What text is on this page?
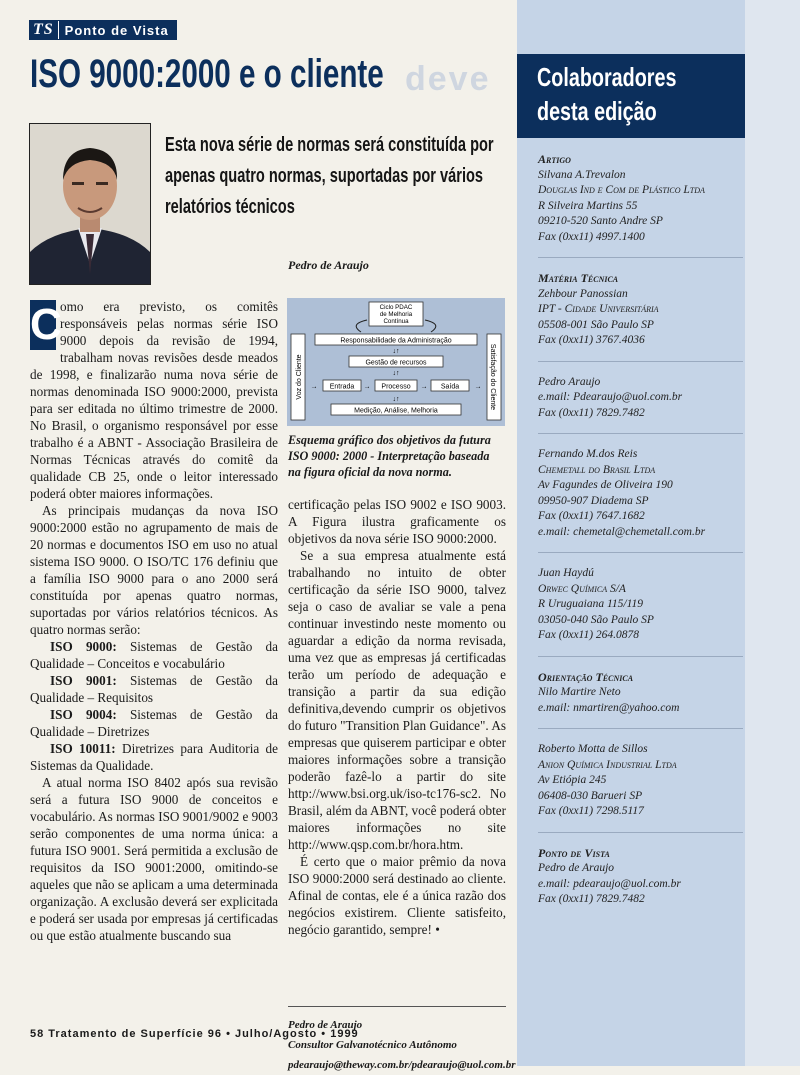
TS Ponto de Vista
deve
ISO 9000:2000 e o cliente
Esta nova série de normas será constituída por apenas quatro normas, suportadas por vários relatórios técnicos
Pedro de Araujo

C
omo era previsto, os comitês responsáveis pelas normas série ISO 9000 depois da revisão de 1994, trabalham novas revisões desde meados de 1998, e finalizarão numa nova série de normas denominada ISO 9000:2000, prevista para ser editada no último trimestre de 2000. No Brasil, o organismo responsável por esse trabalho é a ABNT - Associação Brasileira de Normas Técnicas através do comitê da qualidade CB 25, onde o leitor interessado poderá obter maiores informações.

As principais mudanças da nova ISO 9000:2000 estão no agrupamento de mais de 20 normas e documentos ISO em uso no atual sistema ISO 9000. O ISO/TC 176 definiu que a família ISO 9000 para o ano 2000 será constituída por apenas quatro normas, suportadas por vários relatórios técnicos. As quatro normas serão:

ISO 9000: Sistemas de Gestão da Qualidade – Conceitos e vocabulário

ISO 9001: Sistemas de Gestão da Qualidade – Requisitos

ISO 9004: Sistemas de Gestão da Qualidade – Diretrizes

ISO 10011: Diretrizes para Auditoria de Sistemas da Qualidade.

A atual norma ISO 8402 após sua revisão será a futura ISO 9000 de conceitos e vocabulário. As normas ISO 9001/9002 e 9003 serão componentes de uma norma única: a futura ISO 9001. Será permitida a exclusão de requisitos da ISO 9001:2000, omitindo-se aqueles que não se aplicam a uma determinada organização. A exclusão deverá ser explicitada e poderá ser usada por empresas já certificadas ou que estão atualmente buscando sua

Ciclo PDAC
de Melhoria
Contínua
Responsabilidade da Administração
↓↑
Gestão de recursos
↓↑
Entrada	Processo	Saída
→	→
→	→
↓↑
Medição, Análise, Melhoria
Voz do Cliente	Satisfação do Cliente
Esquema gráfico dos objetivos da futura ISO 9000: 2000 - Interpretação baseada na figura oficial da nova norma.

certificação pelas ISO 9002 e ISO 9003. A Figura ilustra graficamente os objetivos da nova série ISO 9000:2000.

Se a sua empresa atualmente está trabalhando no intuito de obter certificação da série ISO 9000, talvez seja o caso de avaliar se vale a pena continuar investindo neste momento ou aguardar a edição da norma revisada, uma vez que as empresas já certificadas terão um período de adequação e transição a partir da sua edição definitiva,devendo cumprir os objetivos do futuro "Transition Plan Guidance". As empresas que quiserem participar e obter maiores informações sobre a transição poderão fazê-lo a partir do site http://www.bsi.org.uk/iso-tc176-sc2. No Brasil, além da ABNT, você poderá obter maiores informações no site http://www.qsp.com.br/hora.htm.

É certo que o maior prêmio da nova ISO 9000:2000 será destinado ao cliente. Afinal de contas, ele é a única razão dos negócios existirem. Cliente satisfeito, negócio garantido, sempre! •

Pedro de Araujo
Consultor Galvanotécnico Autônomo
pdearaujo@theway.com.br/pdearaujo@uol.com.br
58 Tratamento de Superfície 96 • Julho/Agosto • 1999
Colaboradores
desta edição
Artigo
Silvana A.Trevalon
Douglas Ind e Com de Plástico Ltda
R Silveira Martins 55
09210-520 Santo Andre SP
Fax (0xx11) 4997.1400
Matéria Técnica
Zehbour Panossian
IPT - Cidade Universitária
05508-001 São Paulo SP
Fax (0xx11) 3767.4036
Pedro Araujo
e.mail: Pdearaujo@uol.com.br
Fax (0xx11) 7829.7482
Fernando M.dos Reis
Chemetall do Brasil Ltda
Av Fagundes de Oliveira 190
09950-907 Diadema SP
Fax (0xx11) 7647.1682
e.mail: chemetal@chemetall.com.br
Juan Haydú
Orwec Química S/A
R Uruguaiana 115/119
03050-040 São Paulo SP
Fax (0xx11) 264.0878
Orientação Técnica
Nilo Martire Neto
e.mail: nmartiren@yahoo.com
Roberto Motta de Sillos
Anion Química Industrial Ltda
Av Etiópia 245
06408-030 Barueri SP
Fax (0xx11) 7298.5117
Ponto de Vista
Pedro de Araujo
e.mail: pdearaujo@uol.com.br
Fax (0xx11) 7829.7482
